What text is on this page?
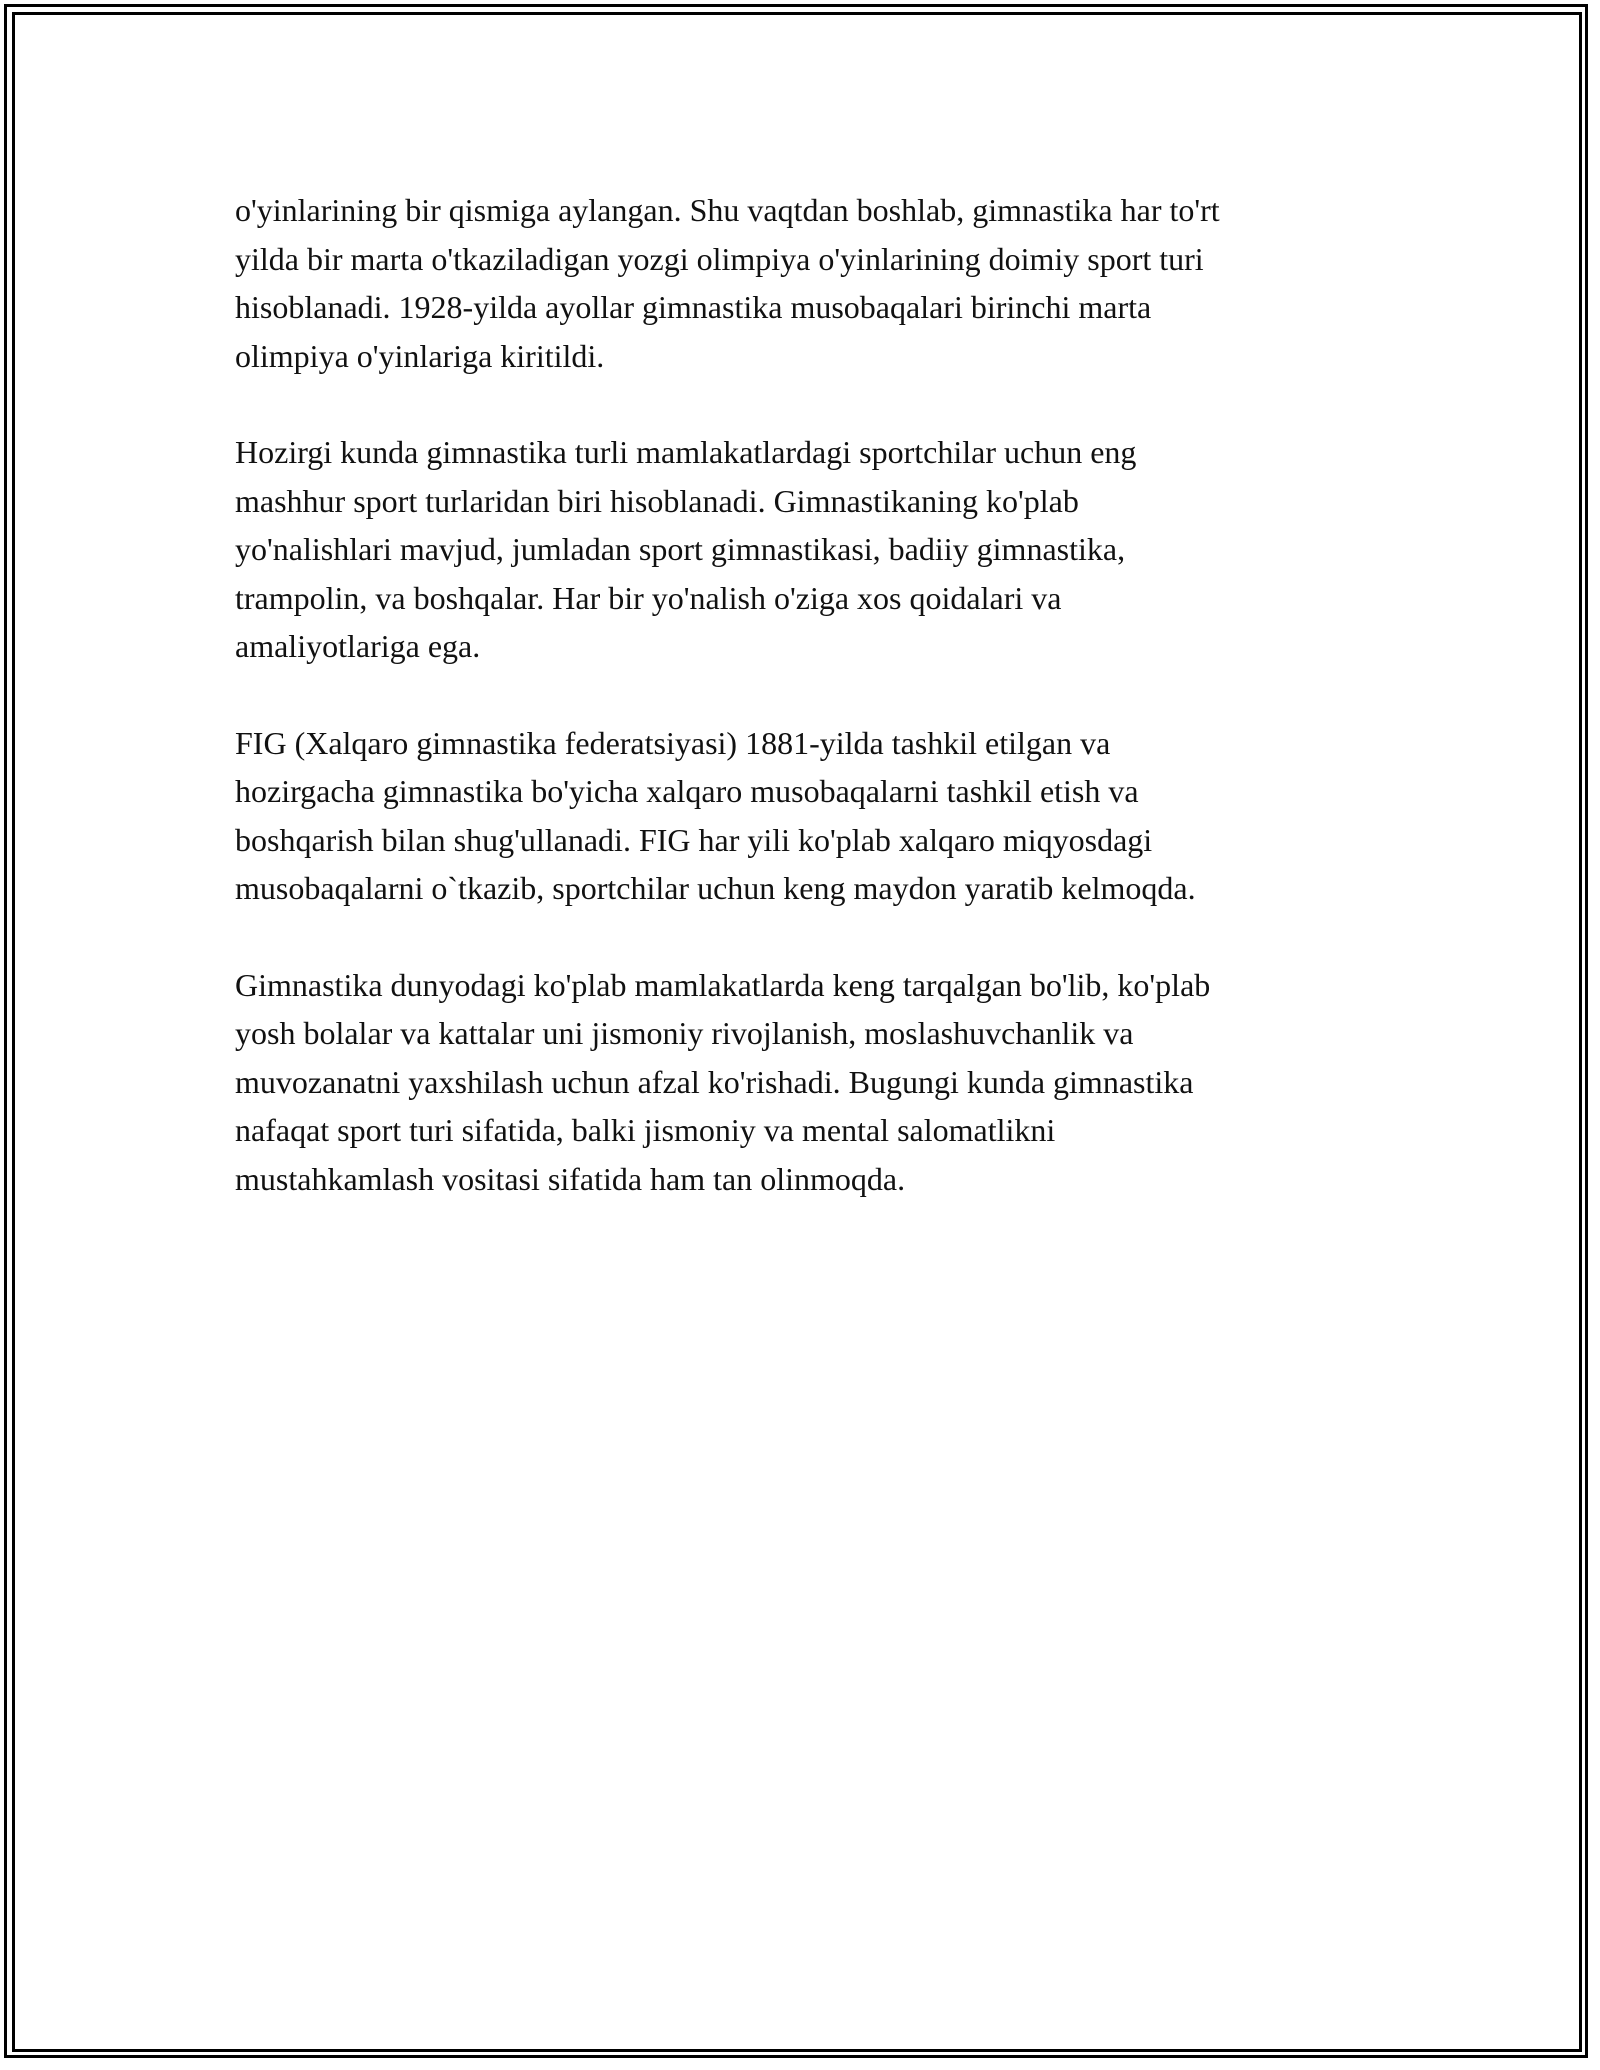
o'yinlarining bir qismiga aylangan. Shu vaqtdan boshlab, gimnastika har to'rt
yilda bir marta o'tkaziladigan yozgi olimpiya o'yinlarining doimiy sport turi
hisoblanadi. 1928-yilda ayollar gimnastika musobaqalari birinchi marta
olimpiya o'yinlariga kiritildi.

Hozirgi kunda gimnastika turli mamlakatlardagi sportchilar uchun eng
mashhur sport turlaridan biri hisoblanadi. Gimnastikaning ko'plab
yo'nalishlari mavjud, jumladan sport gimnastikasi, badiiy gimnastika,
trampolin, va boshqalar. Har bir yo'nalish o'ziga xos qoidalari va
amaliyotlariga ega.

FIG (Xalqaro gimnastika federatsiyasi) 1881-yilda tashkil etilgan va
hozirgacha gimnastika bo'yicha xalqaro musobaqalarni tashkil etish va
boshqarish bilan shug'ullanadi. FIG har yili ko'plab xalqaro miqyosdagi
musobaqalarni o`tkazib, sportchilar uchun keng maydon yaratib kelmoqda.

Gimnastika dunyodagi ko'plab mamlakatlarda keng tarqalgan bo'lib, ko'plab
yosh bolalar va kattalar uni jismoniy rivojlanish, moslashuvchanlik va
muvozanatni yaxshilash uchun afzal ko'rishadi. Bugungi kunda gimnastika
nafaqat sport turi sifatida, balki jismoniy va mental salomatlikni
mustahkamlash vositasi sifatida ham tan olinmoqda.
